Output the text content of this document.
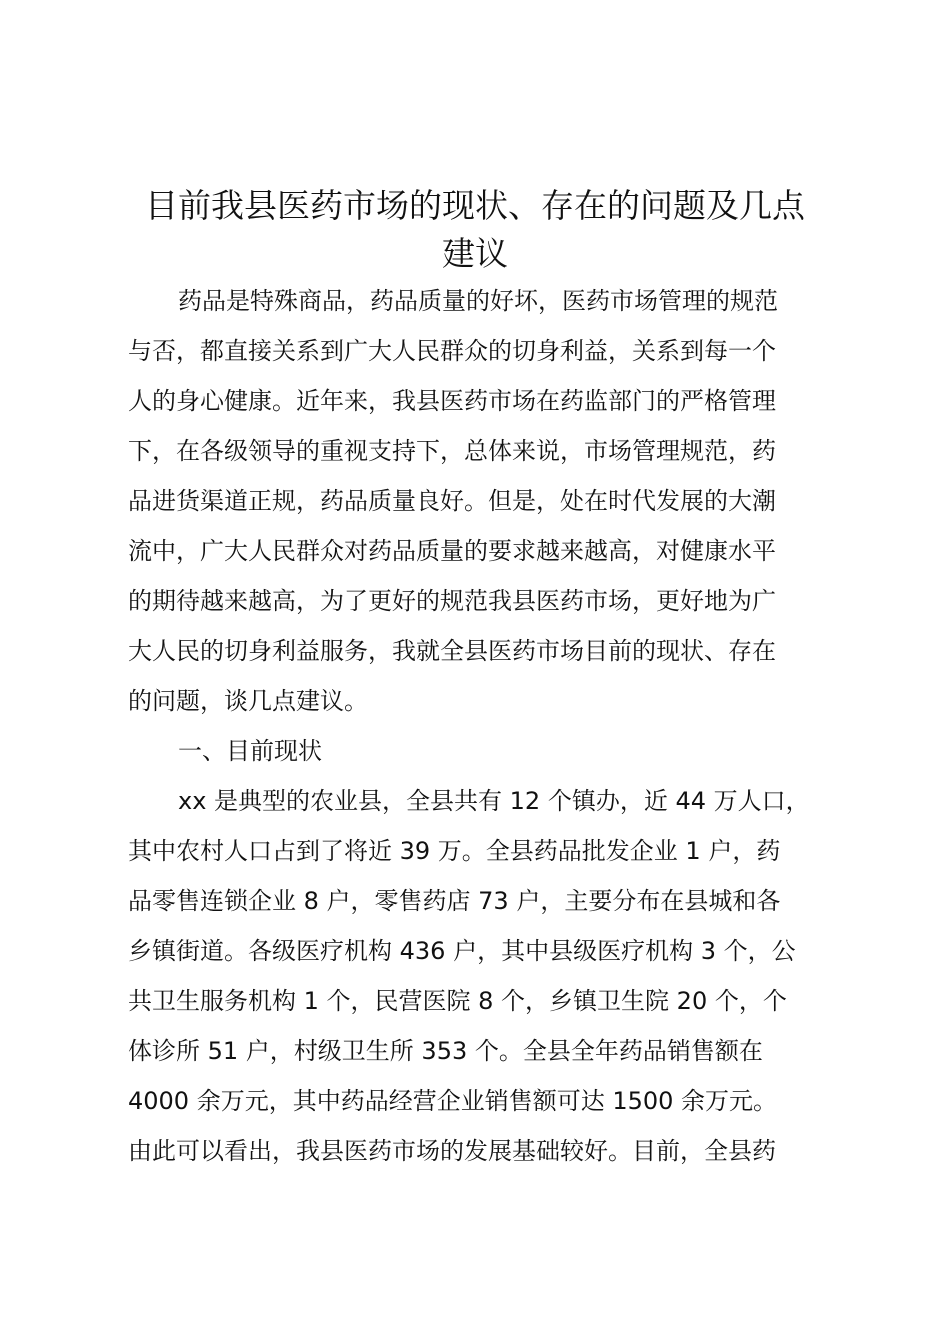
目前我县医药市场的现状、存在的问题及几点
建议

药品是特殊商品，药品质量的好坏，医药市场管理的规范

与否，都直接关系到广大人民群众的切身利益，关系到每一个

人的身心健康。近年来，我县医药市场在药监部门的严格管理

下，在各级领导的重视支持下，总体来说，市场管理规范，药

品进货渠道正规，药品质量良好。但是，处在时代发展的大潮

流中，广大人民群众对药品质量的要求越来越高，对健康水平

的期待越来越高，为了更好的规范我县医药市场，更好地为广

大人民的切身利益服务，我就全县医药市场目前的现状、存在

的问题，谈几点建议。

一、目前现状

xx 是典型的农业县，全县共有 12 个镇办，近 44 万人口，

其中农村人口占到了将近 39 万。全县药品批发企业 1 户，药

品零售连锁企业 8 户，零售药店 73 户，主要分布在县城和各

乡镇街道。各级医疗机构 436 户，其中县级医疗机构 3 个，公

共卫生服务机构 1 个，民营医院 8 个，乡镇卫生院 20 个，个

体诊所 51 户，村级卫生所 353 个。全县全年药品销售额在

4000 余万元，其中药品经营企业销售额可达 1500 余万元。

由此可以看出，我县医药市场的发展基础较好。目前，全县药
